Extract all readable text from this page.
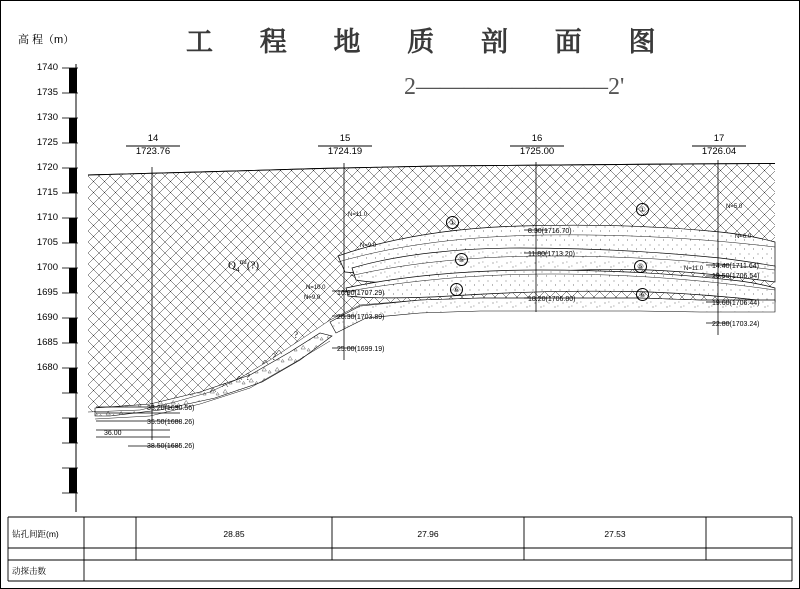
工 程 地 质 剖 面 图
2————————2'
高 程（m）
1740
1735
1730
1725
1720
1715
1710
1705
1700
1695
1690
1685
1680
14
1723.76
15
1724.19
16
1725.00
17
1726.04
$Q_4^{ml}(?)$
①
⑤
⑥
①
⑤
⑥
N=11.0
N=9.0
N=10.0
N=9.0
N=5.0
N=6.0
N=11.0
8.30(1716.70)
11.80(1713.20)
18.20(1706.80)
16.90(1707.29)
20.30(1703.89)
25.00(1699.19)
14.40(1711.64)
19.50(1706.54)
19.60(1706.44)
22.80(1703.24)
33.20(1690.56)
35.50(1688.26)
36.00
38.50(1685.26)
?
?
?
钻孔间距(m)
动探击数
28.85	27.96	27.53
